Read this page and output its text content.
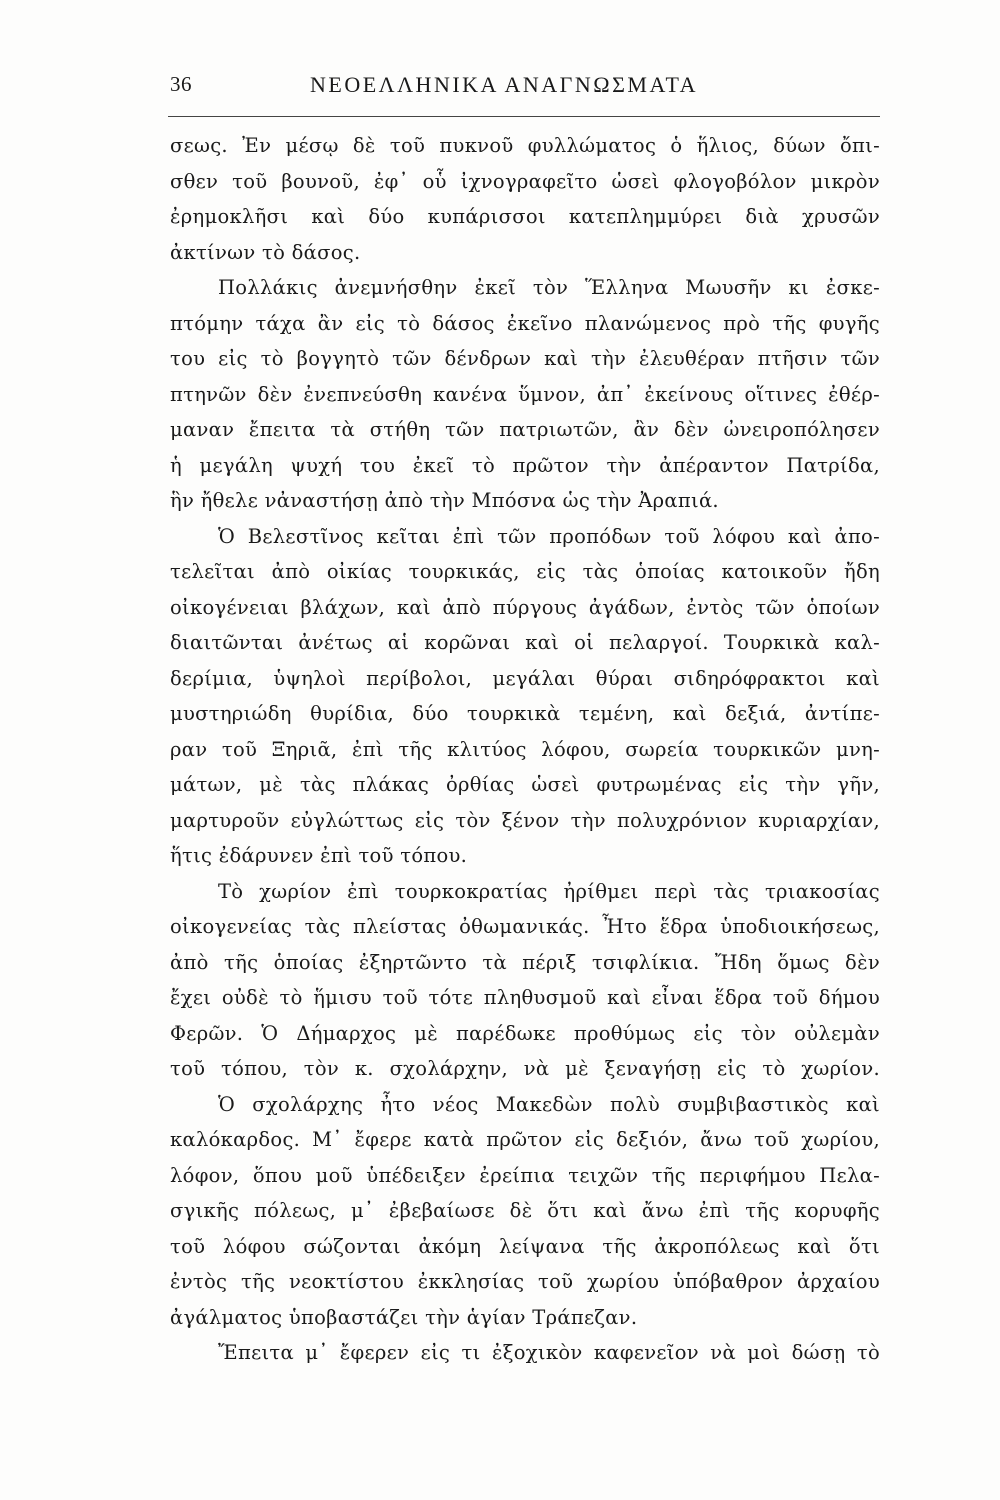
36	ΝΕΟΕΛΛΗΝΙΚΑ ΑΝΑΓΝΩΣΜΑΤΑ
σεως. Ἐν μέσῳ δὲ τοῦ πυκνοῦ φυλλώματος ὁ ἥλιος, δύων ὄπι-
σθεν τοῦ βουνοῦ, ἐφ᾽ οὗ ἰχνογραφεῖτο ὡσεὶ φλογοβόλον μικρὸν
ἐρημοκλῆσι καὶ δύο κυπάρισσοι κατεπλημμύρει διὰ χρυσῶν
ἀκτίνων τὸ δάσος.
Πολλάκις ἀνεμνήσθην ἐκεῖ τὸν Ἕλληνα Μωυσῆν κι ἐσκε-
πτόμην τάχα ἂν εἰς τὸ δάσος ἐκεῖνο πλανώμενος πρὸ τῆς φυγῆς
του εἰς τὸ βογγητὸ τῶν δένδρων καὶ τὴν ἐλευθέραν πτῆσιν τῶν
πτηνῶν δὲν ἐνεπνεύσθη κανένα ὕμνον, ἀπ᾽ ἐκείνους οἵτινες ἐθέρ-
μαναν ἔπειτα τὰ στήθη τῶν πατριωτῶν, ἂν δὲν ὠνειροπόλησεν
ἡ μεγάλη ψυχή του ἐκεῖ τὸ πρῶτον τὴν ἀπέραντον Πατρίδα,
ἣν ἤθελε νἀναστήσῃ ἀπὸ τὴν Μπόσνα ὡς τὴν Ἀραπιά.
Ὁ Βελεστῖνος κεῖται ἐπὶ τῶν προπόδων τοῦ λόφου καὶ ἀπο-
τελεῖται ἀπὸ οἰκίας τουρκικάς, εἰς τὰς ὁποίας κατοικοῦν ἤδη
οἰκογένειαι βλάχων, καὶ ἀπὸ πύργους ἀγάδων, ἐντὸς τῶν ὁποίων
διαιτῶνται ἀνέτως αἱ κορῶναι καὶ οἱ πελαργοί. Τουρκικὰ καλ-
δερίμια, ὑψηλοὶ περίβολοι, μεγάλαι θύραι σιδηρόφρακτοι καὶ
μυστηριώδη θυρίδια, δύο τουρκικὰ τεμένη, καὶ δεξιά, ἀντίπε-
ραν τοῦ Ξηριᾶ, ἐπὶ τῆς κλιτύος λόφου, σωρεία τουρκικῶν μνη-
μάτων, μὲ τὰς πλάκας ὀρθίας ὡσεὶ φυτρωμένας εἰς τὴν γῆν,
μαρτυροῦν εὐγλώττως εἰς τὸν ξένον τὴν πολυχρόνιον κυριαρχίαν,
ἥτις ἐδάρυνεν ἐπὶ τοῦ τόπου.
Τὸ χωρίον ἐπὶ τουρκοκρατίας ἠρίθμει περὶ τὰς τριακοσίας
οἰκογενείας τὰς πλείστας ὀθωμανικάς. Ἦτο ἕδρα ὑποδιοικήσεως,
ἀπὸ τῆς ὁποίας ἐξηρτῶντο τὰ πέριξ τσιφλίκια. Ἤδη ὅμως δὲν
ἔχει οὐδὲ τὸ ἥμισυ τοῦ τότε πληθυσμοῦ καὶ εἶναι ἕδρα τοῦ δήμου
Φερῶν. Ὁ Δήμαρχος μὲ παρέδωκε προθύμως εἰς τὸν οὐλεμὰν
τοῦ τόπου, τὸν κ. σχολάρχην, νὰ μὲ ξεναγήσῃ εἰς τὸ χωρίον.
Ὁ σχολάρχης ἦτο νέος Μακεδὼν πολὺ συμβιβαστικὸς καὶ
καλόκαρδος. Μ᾽ ἔφερε κατὰ πρῶτον εἰς δεξιόν, ἄνω τοῦ χωρίου,
λόφον, ὅπου μοῦ ὑπέδειξεν ἐρείπια τειχῶν τῆς περιφήμου Πελα-
σγικῆς πόλεως, μ᾽ ἐβεβαίωσε δὲ ὅτι καὶ ἄνω ἐπὶ τῆς κορυφῆς
τοῦ λόφου σώζονται ἀκόμη λείψανα τῆς ἀκροπόλεως καὶ ὅτι
ἐντὸς τῆς νεοκτίστου ἐκκλησίας τοῦ χωρίου ὑπόβαθρον ἀρχαίου
ἀγάλματος ὑποβαστάζει τὴν ἁγίαν Τράπεζαν.
Ἔπειτα μ᾽ ἔφερεν εἰς τι ἐξοχικὸν καφενεῖον νὰ μοὶ δώσῃ τὸ
